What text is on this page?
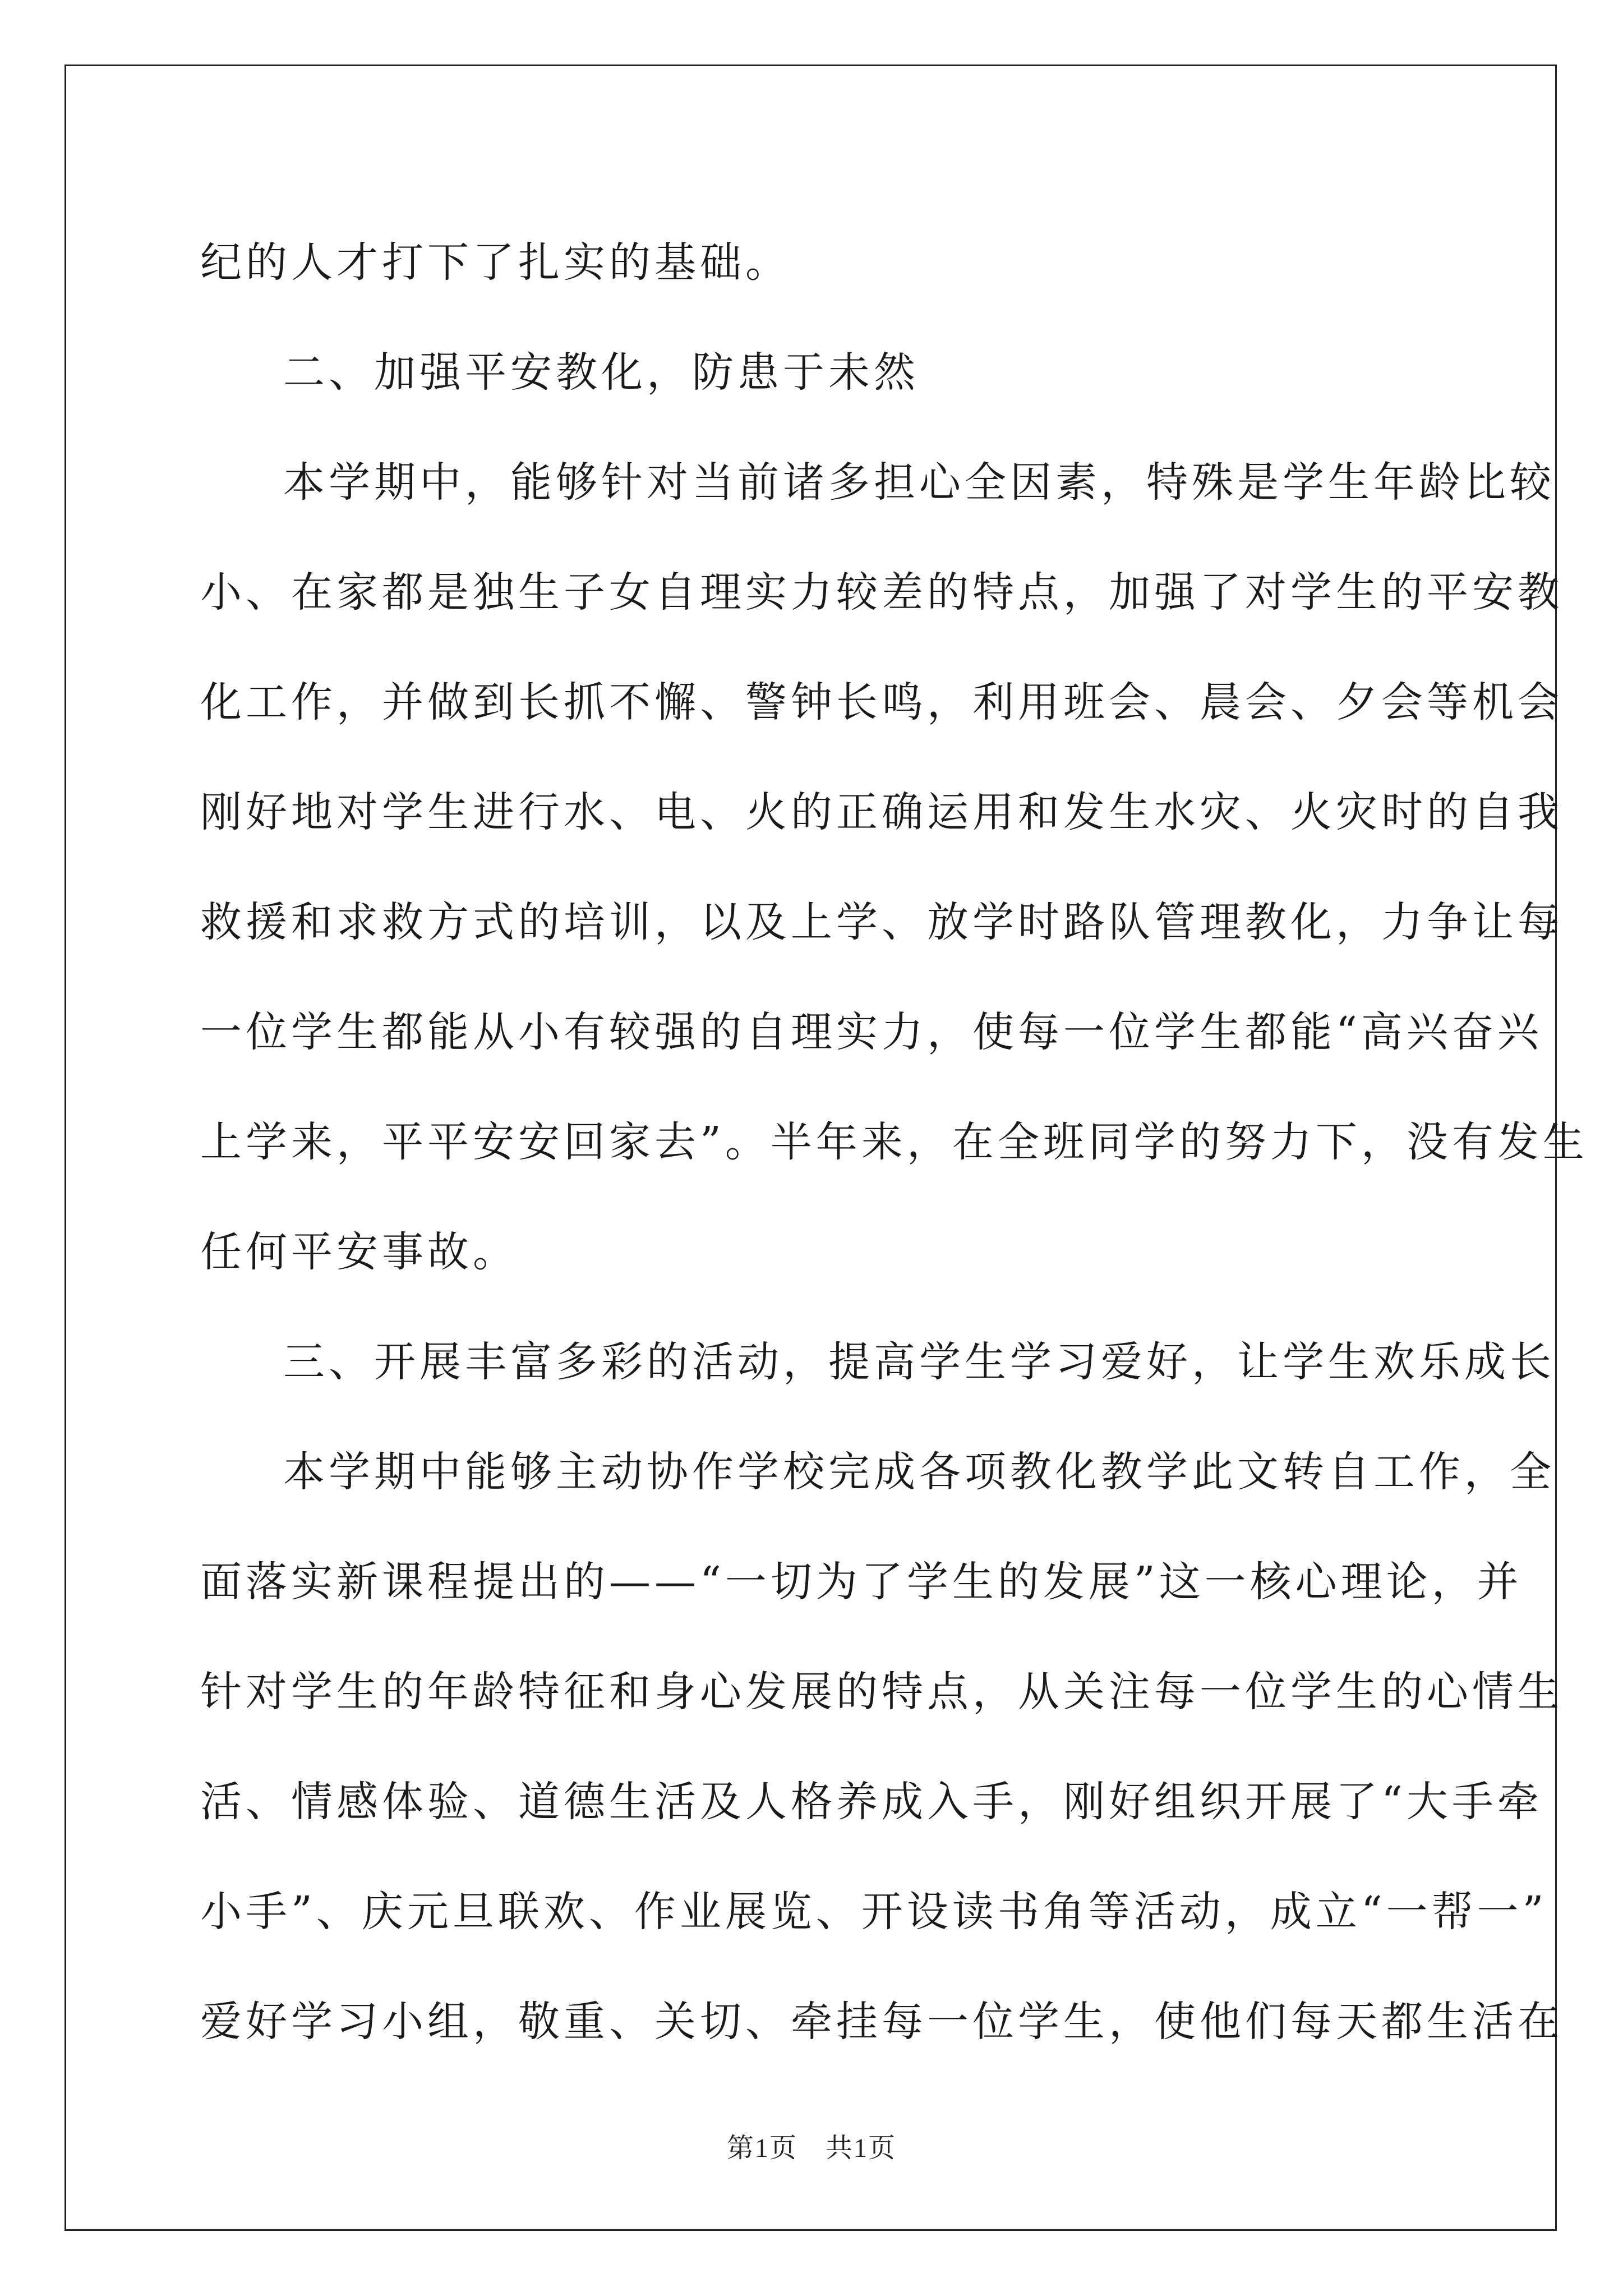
纪的人才打下了扎实的基础。
二、加强平安教化，防患于未然
本学期中，能够针对当前诸多担心全因素，特殊是学生年龄比较
小、在家都是独生子女自理实力较差的特点，加强了对学生的平安教
化工作，并做到长抓不懈、警钟长鸣，利用班会、晨会、夕会等机会
刚好地对学生进行水、电、火的正确运用和发生水灾、火灾时的自我
救援和求救方式的培训，以及上学、放学时路队管理教化，力争让每
一位学生都能从小有较强的自理实力，使每一位学生都能“高兴奋兴
上学来，平平安安回家去”。半年来，在全班同学的努力下，没有发生
任何平安事故。
三、开展丰富多彩的活动，提高学生学习爱好，让学生欢乐成长
本学期中能够主动协作学校完成各项教化教学此文转自工作，全
面落实新课程提出的——“一切为了学生的发展”这一核心理论，并
针对学生的年龄特征和身心发展的特点，从关注每一位学生的心情生
活、情感体验、道德生活及人格养成入手，刚好组织开展了“大手牵
小手”、庆元旦联欢、作业展览、开设读书角等活动，成立“一帮一”
爱好学习小组，敬重、关切、牵挂每一位学生，使他们每天都生活在
第1页 共1页
